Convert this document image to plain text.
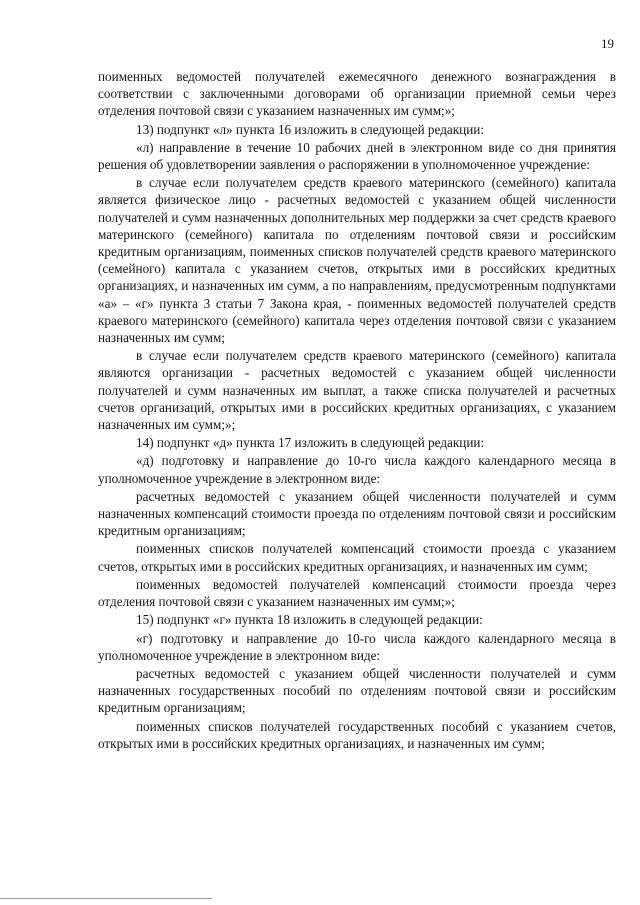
19

поименных ведомостей получателей ежемесячного денежного вознаграждения в соответствии с заключенными договорами об организации приемной семьи через отделения почтовой связи с указанием назначенных им сумм;»;

13) подпункт «л» пункта 16 изложить в следующей редакции:

«л) направление в течение 10 рабочих дней в электронном виде со дня принятия решения об удовлетворении заявления о распоряжении в уполномоченное учреждение:

в случае если получателем средств краевого материнского (семейного) капитала является физическое лицо - расчетных ведомостей с указанием общей численности получателей и сумм назначенных дополнительных мер поддержки за счет средств краевого материнского (семейного) капитала по отделениям почтовой связи и российским кредитным организациям, поименных списков получателей средств краевого материнского (семейного) капитала с указанием счетов, открытых ими в российских кредитных организациях, и назначенных им сумм, а по направлениям, предусмотренным подпунктами «а» – «г» пункта 3 статьи 7 Закона края, - поименных ведомостей получателей средств краевого материнского (семейного) капитала через отделения почтовой связи с указанием назначенных им сумм;

в случае если получателем средств краевого материнского (семейного) капитала являются организации - расчетных ведомостей с указанием общей численности получателей и сумм назначенных им выплат, а также списка получателей и расчетных счетов организаций, открытых ими в российских кредитных организациях, с указанием назначенных им сумм;»;

14) подпункт «д» пункта 17 изложить в следующей редакции:

«д) подготовку и направление до 10-го числа каждого календарного месяца в уполномоченное учреждение в электронном виде:

расчетных ведомостей с указанием общей численности получателей и сумм назначенных компенсаций стоимости проезда по отделениям почтовой связи и российским кредитным организациям;

поименных списков получателей компенсаций стоимости проезда с указанием счетов, открытых ими в российских кредитных организациях, и назначенных им сумм;

поименных ведомостей получателей компенсаций стоимости проезда через отделения почтовой связи с указанием назначенных им сумм;»;

15) подпункт «г» пункта 18 изложить в следующей редакции:

«г) подготовку и направление до 10-го числа каждого календарного месяца в уполномоченное учреждение в электронном виде:

расчетных ведомостей с указанием общей численности получателей и сумм назначенных государственных пособий по отделениям почтовой связи и российским кредитным организациям;

поименных списков получателей государственных пособий с указанием счетов, открытых ими в российских кредитных организациях, и назначенных им сумм;
